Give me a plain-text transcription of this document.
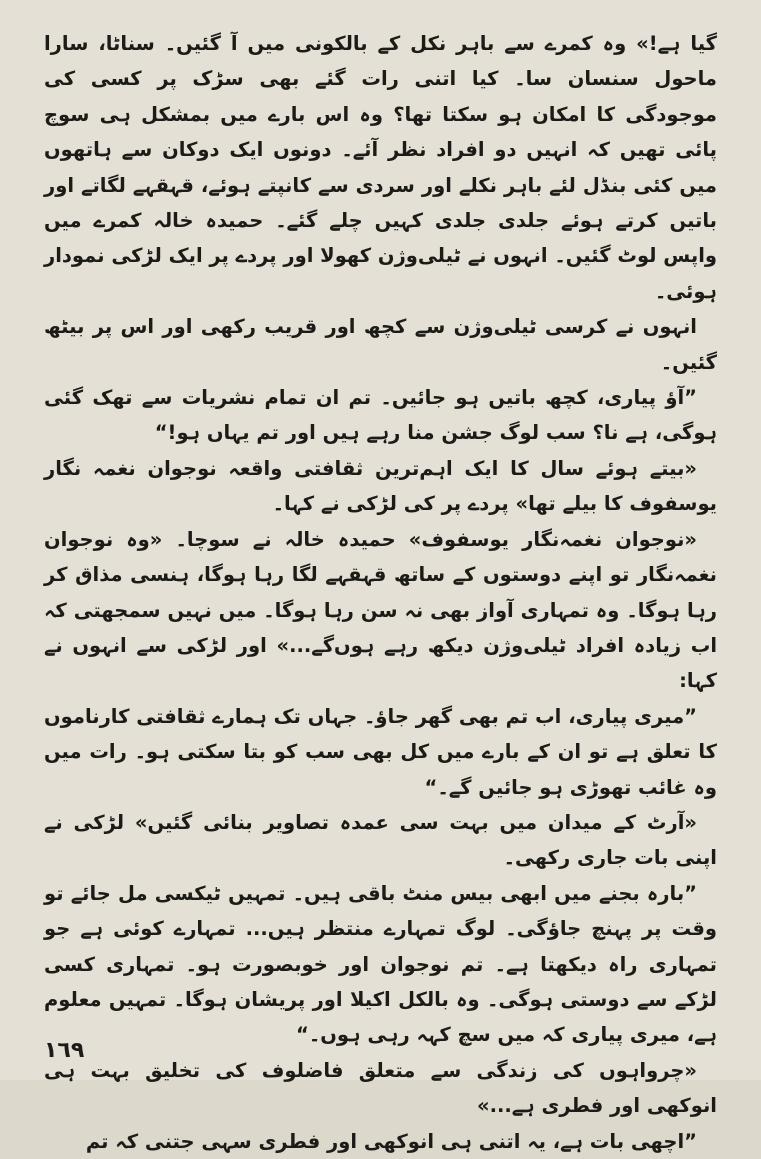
گیا ہے!» وہ کمرے سے باہر نکل کے بالکونی میں آ گئیں۔ سناٹا، سارا ماحول سنسان سا۔ کیا اتنی رات گئے بھی سڑک پر کسی کی موجودگی کا امکان ہو سکتا تھا؟ وہ اس بارے میں بمشکل ہی سوچ پائی تھیں کہ انہیں دو افراد نظر آئے۔ دونوں ایک دوکان سے ہاتھوں میں کئی بنڈل لئے باہر نکلے اور سردی سے کانپتے ہوئے، قہقہے لگاتے اور باتیں کرتے ہوئے جلدی جلدی کہیں چلے گئے۔ حمیدہ خالہ کمرے میں واپس لوٹ گئیں۔ انہوں نے ٹیلی‌وژن کھولا اور پردے پر ایک لڑکی نمودار ہوئی۔

انہوں نے کرسی ٹیلی‌وژن سے کچھ اور قریب رکھی اور اس پر بیٹھ گئیں۔

”آؤ پیاری، کچھ باتیں ہو جائیں۔ تم ان تمام نشریات سے تھک گئی ہوگی، ہے نا؟ سب لوگ جشن منا رہے ہیں اور تم یہاں ہو!“

«بیتے ہوئے سال کا ایک اہم‌ترین ثقافتی واقعہ نوجوان نغمہ نگار یوسفوف کا بیلے تھا» پردے پر کی لڑکی نے کہا۔

«نوجوان نغمہ‌نگار یوسفوف» حمیدہ خالہ نے سوچا۔ «وہ نوجوان نغمہ‌نگار تو اپنے دوستوں کے ساتھ قہقہے لگا رہا ہوگا، ہنسی مذاق کر رہا ہوگا۔ وہ تمہاری آواز بھی نہ سن رہا ہوگا۔ میں نہیں سمجھتی کہ اب زیادہ افراد ٹیلی‌وژن دیکھ رہے ہوں‌گے...» اور لڑکی سے انہوں نے کہا:

”میری پیاری، اب تم بھی گھر جاؤ۔ جہاں تک ہمارے ثقافتی کارناموں کا تعلق ہے تو ان کے بارے میں کل بھی سب کو بتا سکتی ہو۔ رات میں وہ غائب تھوڑی ہو جائیں گے۔“

«آرٹ کے میدان میں بہت سی عمدہ تصاویر بنائی گئیں» لڑکی نے اپنی بات جاری رکھی۔

”بارہ بجنے میں ابھی بیس منٹ باقی ہیں۔ تمہیں ٹیکسی مل جائے تو وقت پر پہنچ جاؤگی۔ لوگ تمہارے منتظر ہیں... تمہارے کوئی ہے جو تمہاری راہ دیکھتا ہے۔ تم نوجوان اور خوبصورت ہو۔ تمہاری کسی لڑکے سے دوستی ہوگی۔ وہ بالکل اکیلا اور پریشان ہوگا۔ تمہیں معلوم ہے، میری پیاری کہ میں سچ کہہ رہی ہوں۔“

«چرواہوں کی زندگی سے متعلق فاضلوف کی تخلیق بہت ہی انوکھی اور فطری ہے...»

”اچھی بات ہے، یہ اتنی ہی انوکھی اور فطری سہی جتنی کہ تم

١٦٩
